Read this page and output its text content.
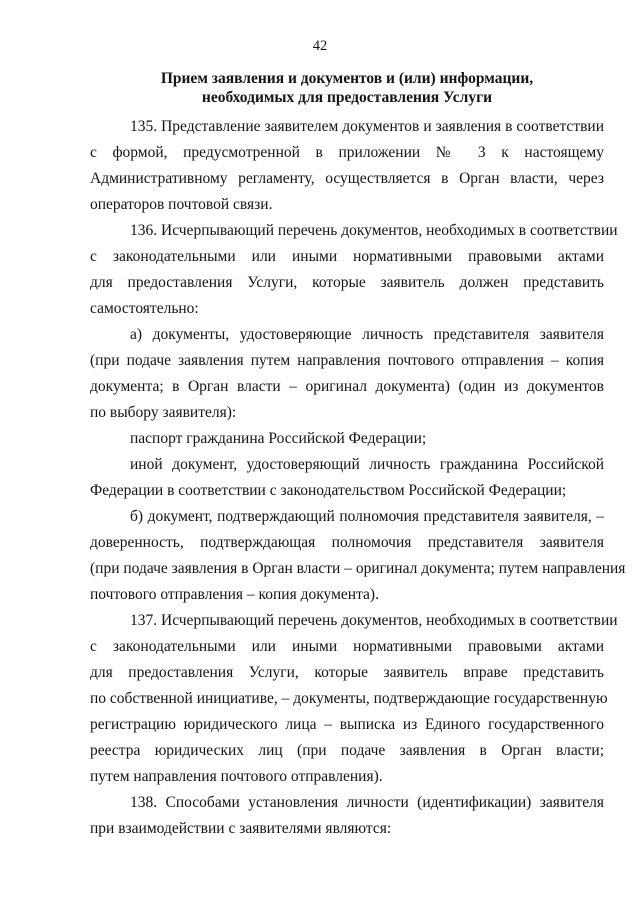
42
Прием заявления и документов и (или) информации,
необходимых для предоставления Услуги
135. Представление заявителем документов и заявления в соответствии
с формой, предусмотренной в приложении № 3 к настоящему
Административному регламенту, осуществляется в Орган власти, через
операторов почтовой связи.
136. Исчерпывающий перечень документов, необходимых в соответствии
с законодательными или иными нормативными правовыми актами
для предоставления Услуги, которые заявитель должен представить
самостоятельно:
а) документы, удостоверяющие личность представителя заявителя
(при подаче заявления путем направления почтового отправления – копия
документа; в Орган власти – оригинал документа) (один из документов
по выбору заявителя):
паспорт гражданина Российской Федерации;
иной документ, удостоверяющий личность гражданина Российской
Федерации в соответствии с законодательством Российской Федерации;
б) документ, подтверждающий полномочия представителя заявителя, –
доверенность, подтверждающая полномочия представителя заявителя
(при подаче заявления в Орган власти – оригинал документа; путем направления
почтового отправления – копия документа).
137. Исчерпывающий перечень документов, необходимых в соответствии
с законодательными или иными нормативными правовыми актами
для предоставления Услуги, которые заявитель вправе представить
по собственной инициативе, – документы, подтверждающие государственную
регистрацию юридического лица – выписка из Единого государственного
реестра юридических лиц (при подаче заявления в Орган власти;
путем направления почтового отправления).
138. Способами установления личности (идентификации) заявителя
при взаимодействии с заявителями являются:
